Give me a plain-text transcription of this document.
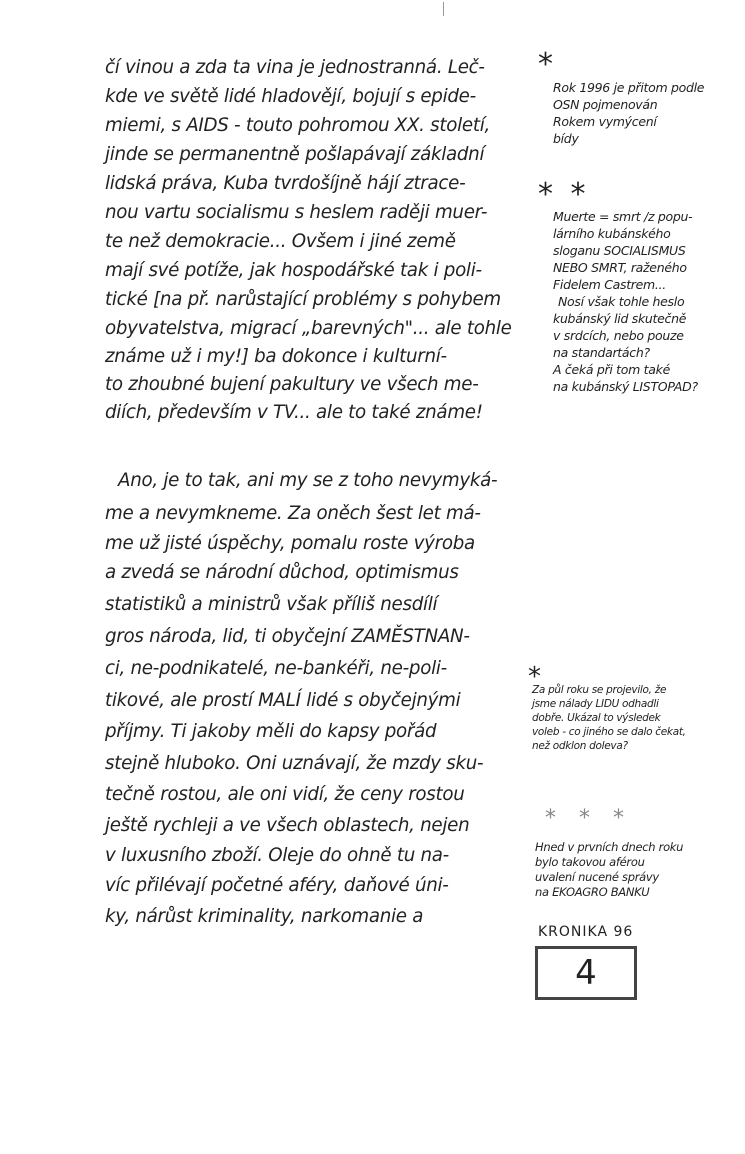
čí vinou a zda ta vina je jednostranná. Leč-
kde ve světě lidé hladovějí, bojují s epide-
miemi, s AIDS - touto pohromou XX. století,
jinde se permanentně pošlapávají základní
lidská práva, Kuba tvrdošíjně hájí ztrace-
nou vartu socialismu s heslem raději muer-
te než demokracie... Ovšem i jiné země
mají své potíže, jak hospodářské tak i poli-
tické [na př. narůstající problémy s pohybem
obyvatelstva, migrací „barevných"... ale tohle
známe už i my!] ba dokonce i kulturní-
to zhoubné bujení pakultury ve všech me-
diích, především v TV... ale to také známe!
Ano, je to tak, ani my se z toho nevymyká-
me a nevymkneme. Za oněch šest let má-
me už jisté úspěchy, pomalu roste výroba
a zvedá se národní důchod, optimismus
statistiků a ministrů však příliš nesdílí
gros národa, lid, ti obyčejní ZAMĚSTNAN-
ci, ne-podnikatelé, ne-bankéři, ne-poli-
tikové, ale prostí MALÍ lidé s obyčejnými
příjmy. Ti jakoby měli do kapsy pořád
stejně hluboko. Oni uznávají, že mzdy sku-
tečně rostou, ale oni vidí, že ceny rostou
ještě rychleji a ve všech oblastech, nejen
v luxusního zboží. Oleje do ohně tu na-
víc přilévají početné aféry, daňové úni-
ky, nárůst kriminality, narkomanie a
*
Rok 1996 je přitom podle
OSN pojmenován
Rokem vymýcení
bídy
* *
Muerte = smrt /z popu-
lárního kubánského
sloganu SOCIALISMUS
NEBO SMRT, raženého
Fidelem Castrem...
Nosí však tohle heslo
kubánský lid skutečně
v srdcích, nebo pouze
na standartách?
A čeká při tom také
na kubánský LISTOPAD?
*
Za půl roku se projevilo, že
jsme nálady LIDU odhadli
dobře. Ukázal to výsledek
voleb - co jiného se dalo čekat,
než odklon doleva?
* * *
Hned v prvních dnech roku
bylo takovou aférou
uvalení nucené správy
na EKOAGRO BANKU
KRONIKA 96
4
